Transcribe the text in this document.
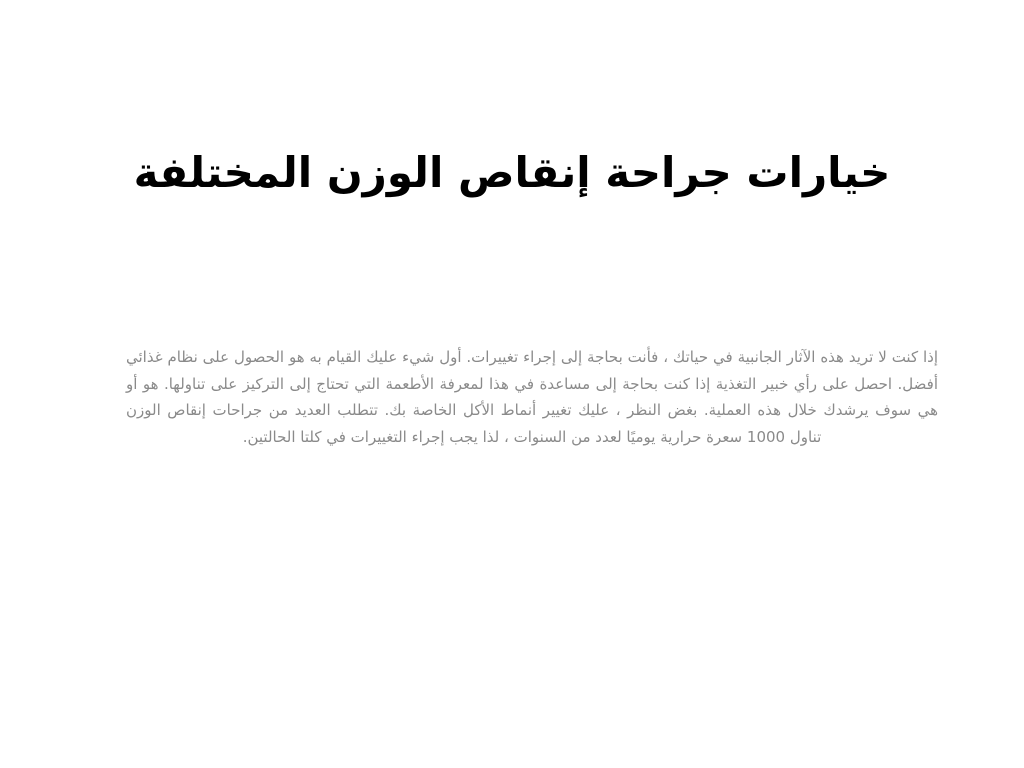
خيارات جراحة إنقاص الوزن المختلفة

إذا كنت لا تريد هذه الآثار الجانبية في حياتك ، فأنت بحاجة إلى إجراء تغييرات. أول شيء عليك القيام به هو الحصول على نظام غذائي أفضل. احصل على رأي خبير التغذية إذا كنت بحاجة إلى مساعدة في هذا لمعرفة الأطعمة التي تحتاج إلى التركيز على تناولها. هو أو هي سوف يرشدك خلال هذه العملية. بغض النظر ، عليك تغيير أنماط الأكل الخاصة بك. تتطلب العديد من جراحات إنقاص الوزن تناول 1000 سعرة حرارية يوميًا لعدد من السنوات ، لذا يجب إجراء التغييرات في كلتا الحالتين.
